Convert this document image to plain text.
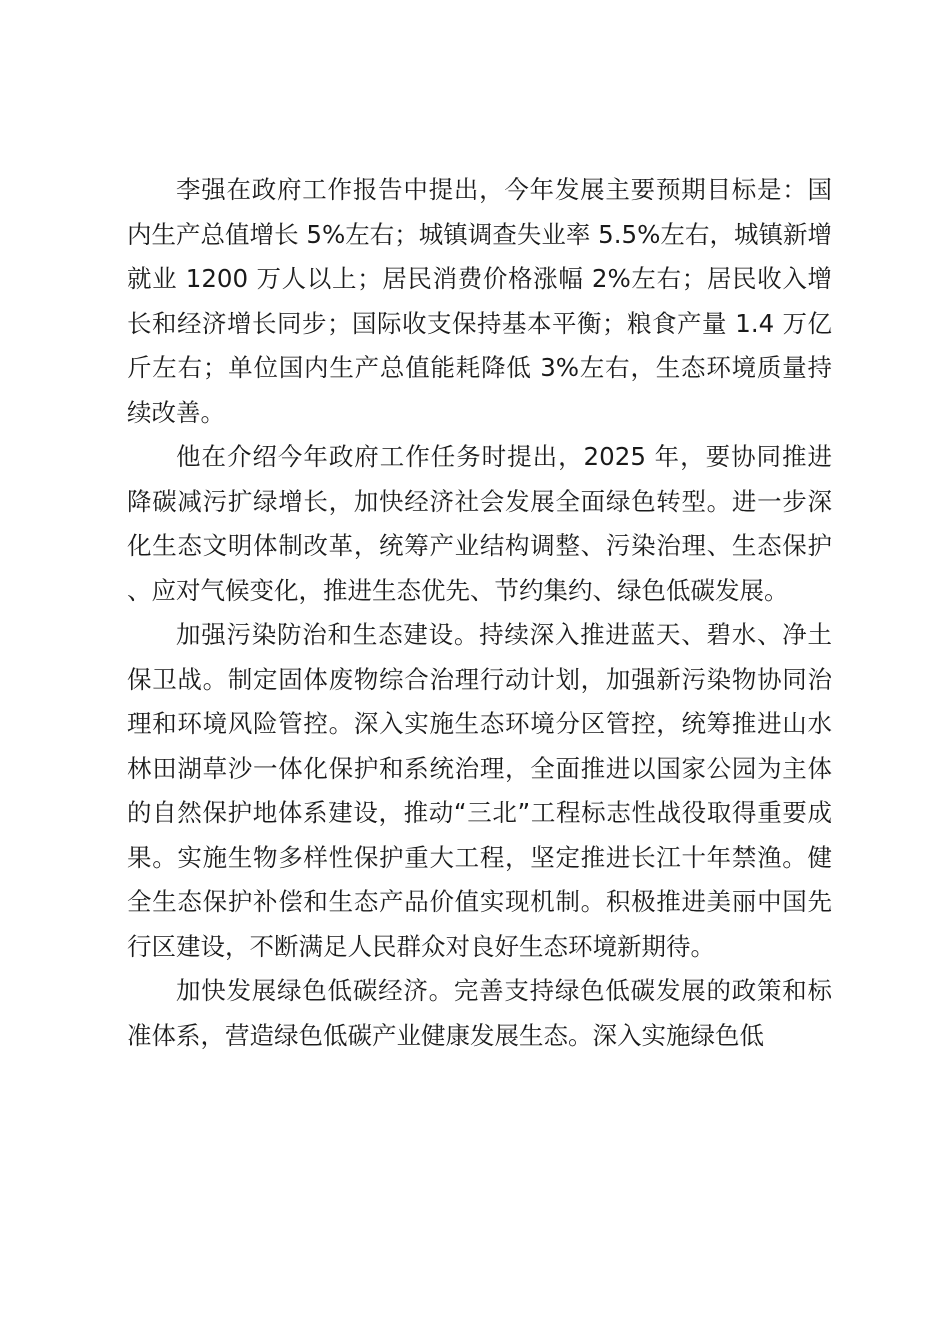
李强在政府工作报告中提出，今年发展主要预期目标是：国内生产总值增长 5%左右；城镇调查失业率 5.5%左右，城镇新增就业 1200 万人以上；居民消费价格涨幅 2%左右；居民收入增长和经济增长同步；国际收支保持基本平衡；粮食产量 1.4 万亿斤左右；单位国内生产总值能耗降低 3%左右，生态环境质量持续改善。

他在介绍今年政府工作任务时提出，2025 年，要协同推进降碳减污扩绿增长，加快经济社会发展全面绿色转型。进一步深化生态文明体制改革，统筹产业结构调整、污染治理、生态保护、应对气候变化，推进生态优先、节约集约、绿色低碳发展。

加强污染防治和生态建设。持续深入推进蓝天、碧水、净土保卫战。制定固体废物综合治理行动计划，加强新污染物协同治理和环境风险管控。深入实施生态环境分区管控，统筹推进山水林田湖草沙一体化保护和系统治理，全面推进以国家公园为主体的自然保护地体系建设，推动“三北”工程标志性战役取得重要成果。实施生物多样性保护重大工程，坚定推进长江十年禁渔。健全生态保护补偿和生态产品价值实现机制。积极推进美丽中国先行区建设，不断满足人民群众对良好生态环境新期待。

加快发展绿色低碳经济。完善支持绿色低碳发展的政策和标准体系，营造绿色低碳产业健康发展生态。深入实施绿色低
